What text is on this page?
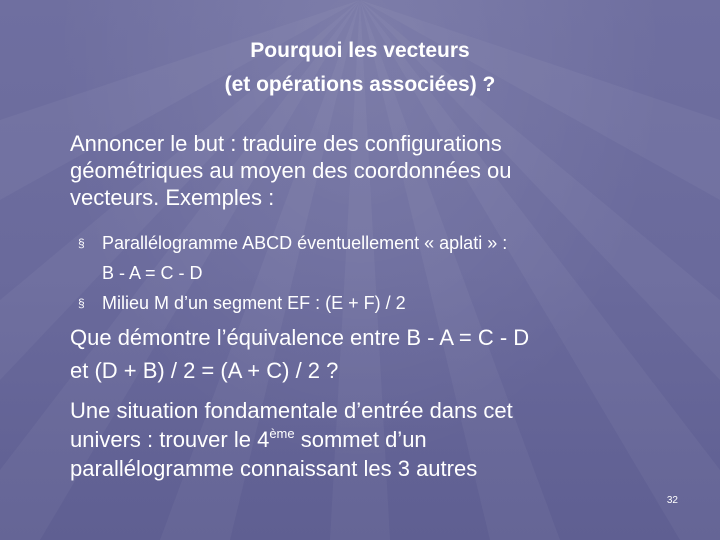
Pourquoi les vecteurs
(et opérations associées) ?
Annoncer le but : traduire des configurations
géométriques au moyen des coordonnées ou
vecteurs. Exemples :
§ Parallélogramme ABCD éventuellement « aplati » :
B - A = C - D
§ Milieu M d’un segment EF : (E + F) / 2
Que démontre l’équivalence entre B - A = C - D
et (D + B) / 2 = (A + C) / 2 ?
Une situation fondamentale d’entrée dans cet
univers : trouver le 4ème sommet d’un
parallélogramme connaissant les 3 autres
32
